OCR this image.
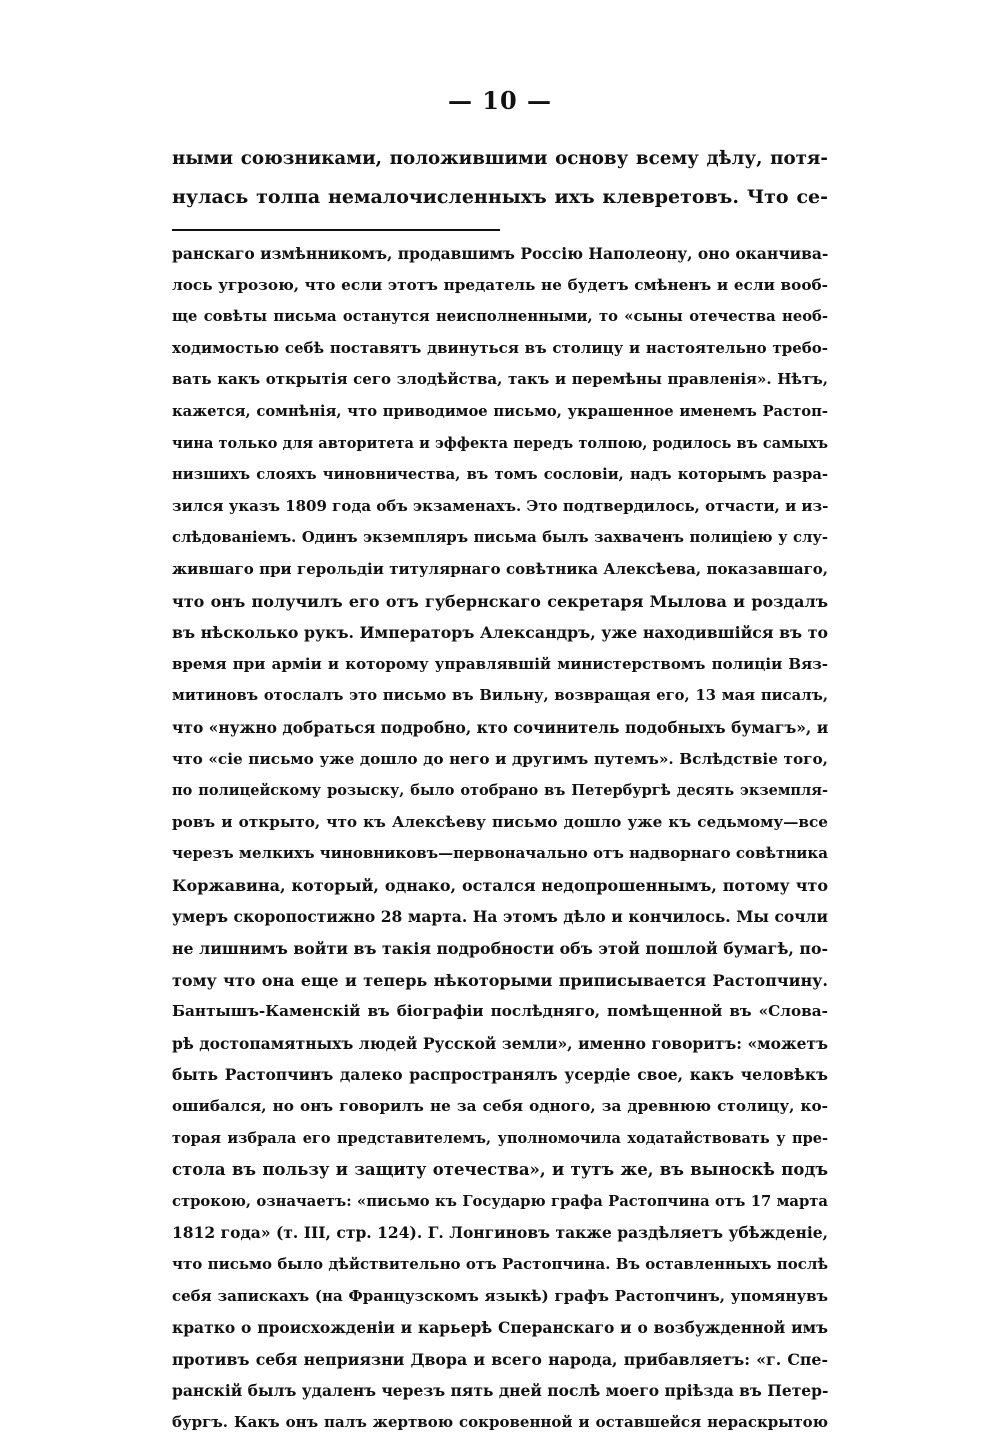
— 10 —
ными союзниками, положившими основу всему дѣлу, потя-
нулась толпа немалочисленныхъ ихъ клевретовъ. Что се-
ранскаго измѣнникомъ, продавшимъ Россію Наполеону, оно оканчива-
лось угрозою, что если этотъ предатель не будетъ смѣненъ и если вооб-
ще совѣты письма останутся неисполненными, то «сыны отечества необ-
ходимостью себѣ поставятъ двинуться въ столицу и настоятельно требо-
вать какъ открытія сего злодѣйства, такъ и перемѣны правленія». Нѣтъ,
кажется, сомнѣнія, что приводимое письмо, украшенное именемъ Растоп-
чина только для авторитета и эффекта передъ толпою, родилось въ самыхъ
низшихъ слояхъ чиновничества, въ томъ сословіи, надъ которымъ разра-
зился указъ 1809 года объ экзаменахъ. Это подтвердилось, отчасти, и из-
слѣдованіемъ. Одинъ экземпляръ письма былъ захваченъ полиціею у слу-
жившаго при герольдіи титулярнаго совѣтника Алексѣева, показавшаго,
что онъ получилъ его отъ губернскаго секретаря Мылова и роздалъ
въ нѣсколько рукъ. Императоръ Александръ, уже находившійся въ то
время при арміи и которому управлявшій министерствомъ полиціи Вяз-
митиновъ отослалъ это письмо въ Вильну, возвращая его, 13 мая писалъ,
что «нужно добраться подробно, кто сочинитель подобныхъ бумагъ», и
что «сіе письмо уже дошло до него и другимъ путемъ». Вслѣдствіе того,
по полицейскому розыску, было отобрано въ Петербургѣ десять экземпля-
ровъ и открыто, что къ Алексѣеву письмо дошло уже къ седьмому—все
черезъ мелкихъ чиновниковъ—первоначально отъ надворнаго совѣтника
Коржавина, который, однако, остался недопрошеннымъ, потому что
умеръ скоропостижно 28 марта. На этомъ дѣло и кончилось. Мы сочли
не лишнимъ войти въ такія подробности объ этой пошлой бумагѣ, по-
тому что она еще и теперь нѣкоторыми приписывается Растопчину.
Бантышъ-Каменскій въ біографіи послѣдняго, помѣщенной въ «Слова-
рѣ достопамятныхъ людей Русской земли», именно говоритъ: «можетъ
быть Растопчинъ далеко распространялъ усердіе свое, какъ человѣкъ
ошибался, но онъ говорилъ не за себя одного, за древнюю столицу, ко-
торая избрала его представителемъ, уполномочила ходатайствовать у пре-
стола въ пользу и защиту отечества», и тутъ же, въ выноскѣ подъ
строкою, означаетъ: «письмо къ Государю графа Растопчина отъ 17 марта
1812 года» (т. III, стр. 124). Г. Лонгиновъ также раздѣляетъ убѣжденіе,
что письмо было дѣйствительно отъ Растопчина. Въ оставленныхъ послѣ
себя запискахъ (на Французскомъ языкѣ) графъ Растопчинъ, упомянувъ
кратко о происхожденіи и карьерѣ Сперанскаго и о возбужденной имъ
противъ себя неприязни Двора и всего народа, прибавляетъ: «г. Спе-
ранскій былъ удаленъ черезъ пять дней послѣ моего пріѣзда въ Петер-
бургъ. Какъ онъ палъ жертвою сокровенной и оставшейся нераскрытою
